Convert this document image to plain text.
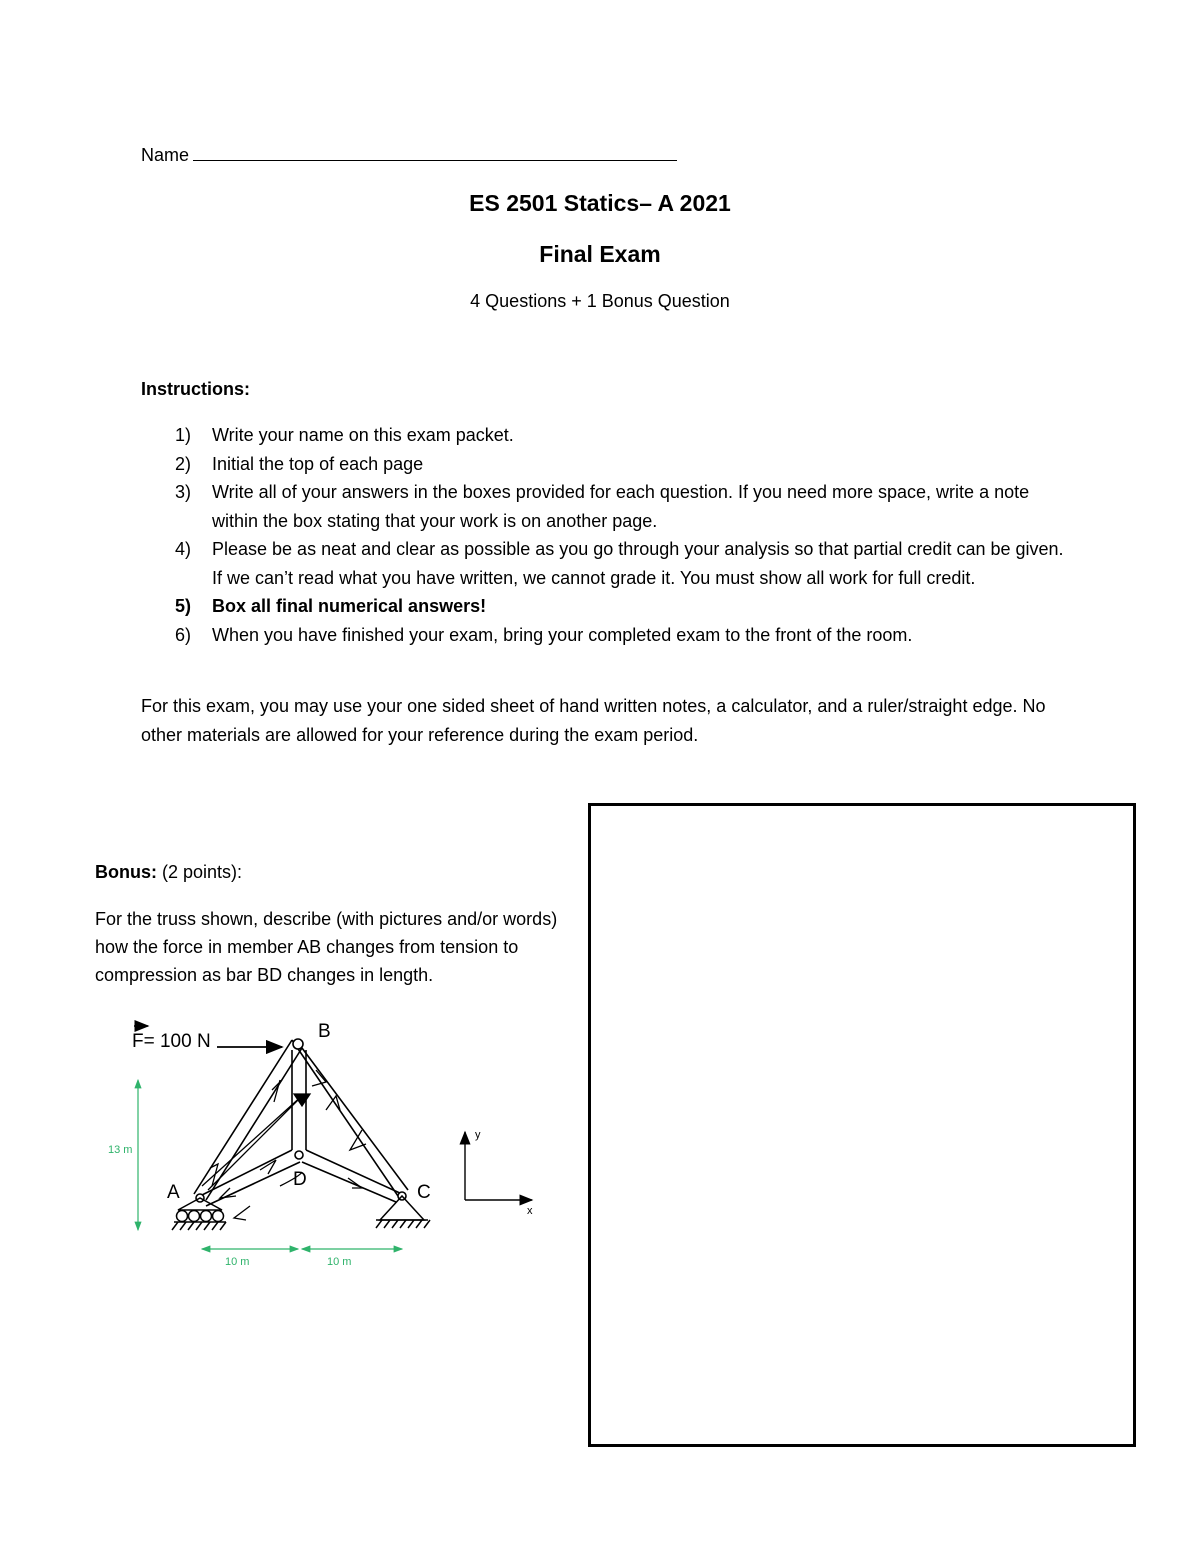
Name
ES 2501 Statics– A 2021
Final Exam
4 Questions + 1 Bonus Question
Instructions:
1) Write your name on this exam packet.
2) Initial the top of each page
3) Write all of your answers in the boxes provided for each question. If you need more space, write a note within the box stating that your work is on another page.
4) Please be as neat and clear as possible as you go through your analysis so that partial credit can be given. If we can’t read what you have written, we cannot grade it. You must show all work for full credit.
5) Box all final numerical answers!
6) When you have finished your exam, bring your completed exam to the front of the room.
For this exam, you may use your one sided sheet of hand written notes, a calculator, and a ruler/straight edge. No other materials are allowed for your reference during the exam period.
Bonus: (2 points):
For the truss shown, describe (with pictures and/or words) how the force in member AB changes from tension to compression as bar BD changes in length.
F= 100 N	B
A	C
D
13 m
10 m	10 m
y
x
